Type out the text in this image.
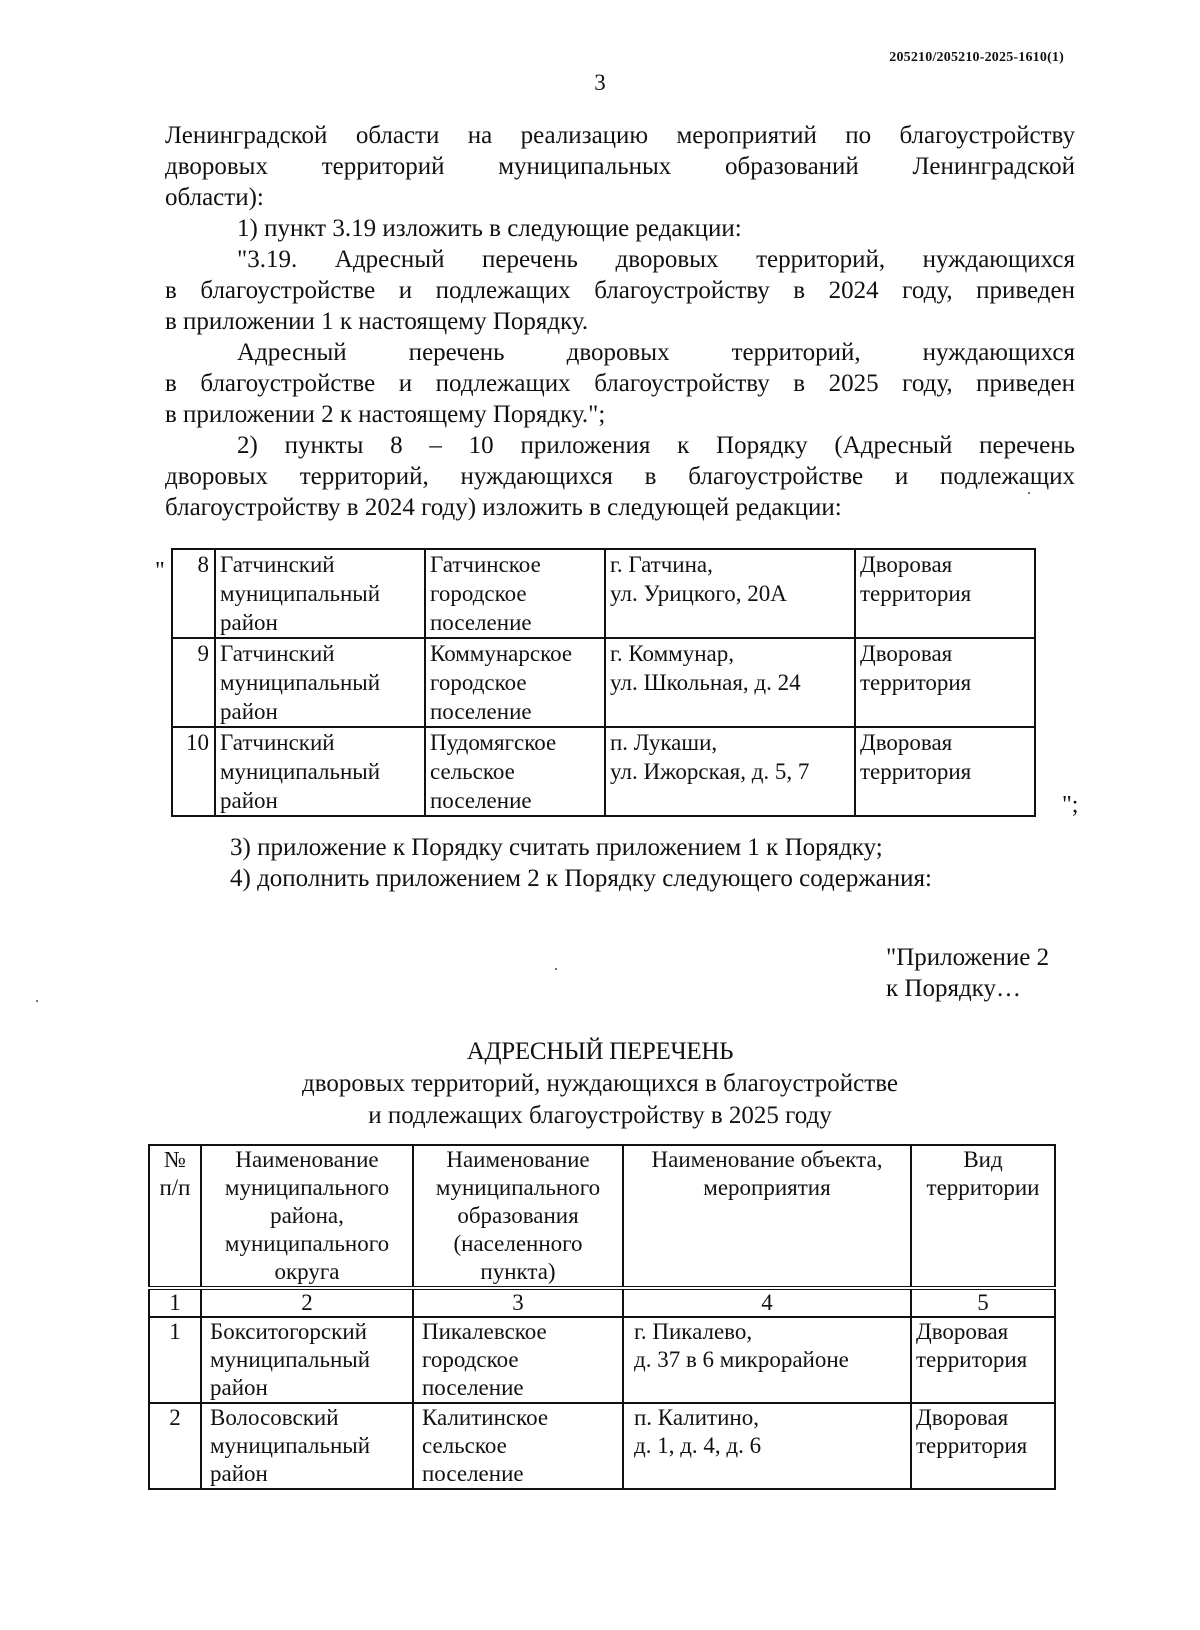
205210/205210-2025-1610(1)
3
Ленинградской области на реализацию мероприятий по благоустройству
дворовых территорий муниципальных образований Ленинградской
области):
1) пункт 3.19 изложить в следующие редакции:
"3.19. Адресный перечень дворовых территорий, нуждающихся
в благоустройстве и подлежащих благоустройству в 2024 году, приведен
в приложении 1 к настоящему Порядку.
Адресный перечень дворовых территорий, нуждающихся
в благоустройстве и подлежащих благоустройству в 2025 году, приведен
в приложении 2 к настоящему Порядку.";
2) пункты 8 – 10 приложения к Порядку (Адресный перечень
дворовых территорий, нуждающихся в благоустройстве и подлежащих
благоустройству в 2024 году) изложить в следующей редакции:
"	8	Гатчинский
муниципальный
район	Гатчинское
городское
поселение	г. Гатчина,
ул. Урицкого, 20А	Дворовая
территория

9	Гатчинский
муниципальный
район	Коммунарское
городское
поселение	г. Коммунар,
ул. Школьная, д. 24	Дворовая
территория

10	Гатчинский
муниципальный
район	Пудомягское
сельское
поселение	п. Лукаши,
ул. Ижорская, д. 5, 7	Дворовая
территория
";
3) приложение к Порядку считать приложением 1 к Порядку;
4) дополнить приложением 2 к Порядку следующего содержания:
"Приложение 2
к Порядку…
АДРЕСНЫЙ ПЕРЕЧЕНЬ
дворовых территорий, нуждающихся в благоустройстве
и подлежащих благоустройству в 2025 году
№
п/п	Наименование
муниципального
района,
муниципального
округа	Наименование
муниципального
образования
(населенного
пункта)	Наименование объекта,
мероприятия	Вид
территории

1	2	3	4	5

1	Бокситогорский
муниципальный
район	Пикалевское
городское
поселение	г. Пикалево,
д. 37 в 6 микрорайоне	Дворовая
территория

2	Волосовский
муниципальный
район	Калитинское
сельское
поселение	п. Калитино,
д. 1, д. 4, д. 6	Дворовая
территория
